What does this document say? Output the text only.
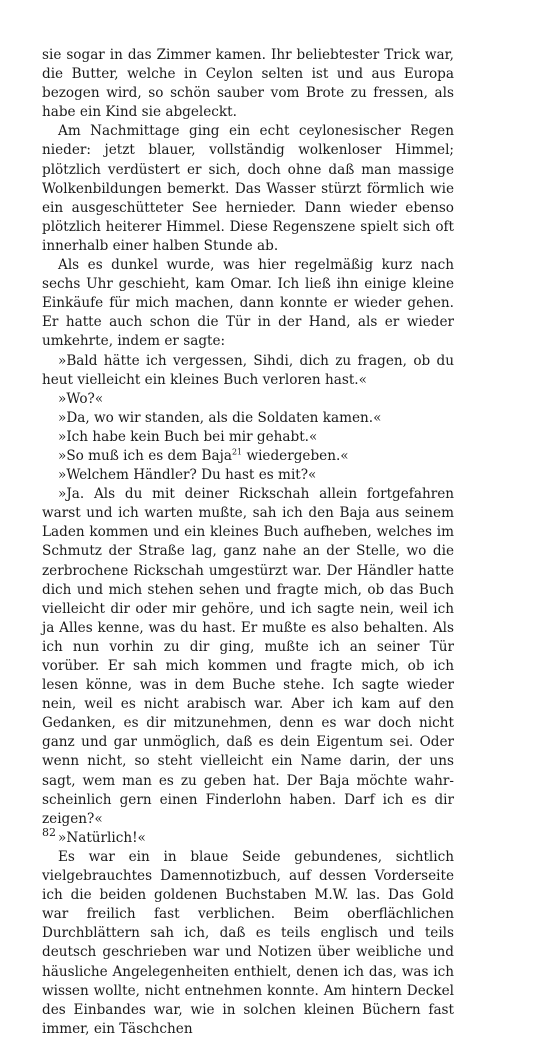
sie sogar in das Zimmer kamen. Ihr beliebtester Trick war, die Butter, welche in Ceylon selten ist und aus Europa bezogen wird, so schön sauber vom Brote zu fressen, als habe ein Kind sie abgeleckt.

Am Nachmittage ging ein echt ceylonesischer Regen nieder: jetzt blauer, vollständig wolkenloser Himmel; plötzlich verdüstert er sich, doch ohne daß man massige Wolkenbildungen bemerkt. Das Wasser stürzt förmlich wie ein ausgeschütteter See hernieder. Dann wieder ebenso plötzlich heiterer Himmel. Diese Regenszene spielt sich oft innerhalb einer halben Stunde ab.

Als es dunkel wurde, was hier regelmäßig kurz nach sechs Uhr geschieht, kam Omar. Ich ließ ihn einige kleine Einkäufe für mich machen, dann konnte er wieder gehen. Er hatte auch schon die Tür in der Hand, als er wieder umkehrte, indem er sagte:

»Bald hätte ich vergessen, Sihdi, dich zu fragen, ob du heut vielleicht ein kleines Buch verloren hast.«

»Wo?«

»Da, wo wir standen, als die Soldaten kamen.«

»Ich habe kein Buch bei mir gehabt.«

»So muß ich es dem Baja$^{21}$ wiedergeben.«

»Welchem Händler? Du hast es mit?«

»Ja. Als du mit deiner Rickschah allein fortgefahren warst und ich warten mußte, sah ich den Baja aus seinem Laden kommen und ein kleines Buch aufheben, welches im Schmutz der Straße lag, ganz nahe an der Stelle, wo die zerbrochene Rickschah umgestürzt war. Der Händler hatte dich und mich stehen sehen und fragte mich, ob das Buch vielleicht dir oder mir gehöre, und ich sagte nein, weil ich ja Alles kenne, was du hast. Er mußte es also behalten. Als ich nun vorhin zu dir ging, mußte ich an seiner Tür vorüber. Er sah mich kommen und fragte mich, ob ich lesen könne, was in dem Buche stehe. Ich sagte wieder nein, weil es nicht arabisch war. Aber ich kam auf den Gedanken, es dir mitzunehmen, denn es war doch nicht ganz und gar unmöglich, daß es dein Eigentum sei. Oder wenn nicht, so steht vielleicht ein Name darin, der uns sagt, wem man es zu geben hat. Der Baja möchte wahrscheinlich gern einen Finderlohn haben. Darf ich es dir zeigen?«

»Natürlich!«

Es war ein in blaue Seide gebundenes, sichtlich vielgebrauchtes Damennotizbuch, auf dessen Vorderseite ich die beiden goldenen Buchstaben M.W. las. Das Gold war freilich fast verblichen. Beim oberflächlichen Durchblättern sah ich, daß es teils englisch und teils deutsch geschrieben war und Notizen über weibliche und häusliche Angelegenheiten enthielt, denen ich das, was ich wissen wollte, nicht entnehmen konnte. Am hintern Deckel des Einbandes war, wie in solchen kleinen Büchern fast immer, ein Täschchen

82
